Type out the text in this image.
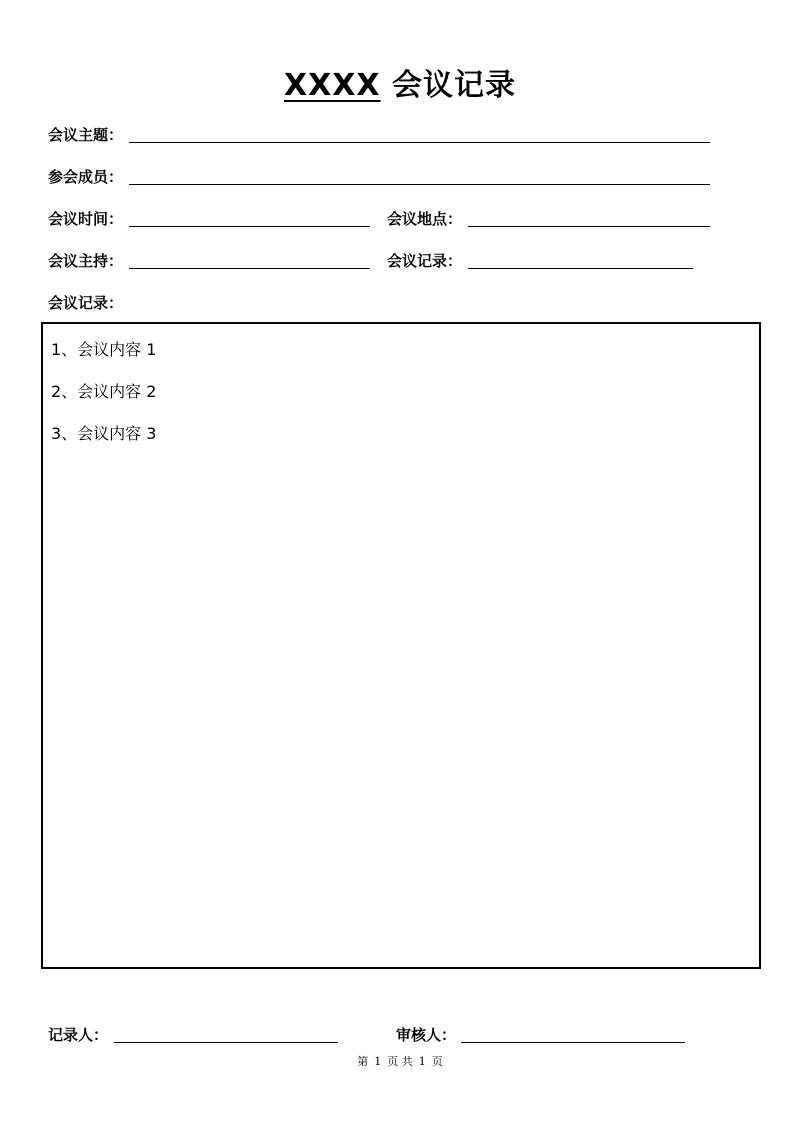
XXXX 会议记录
会议主题：
参会成员：
会议时间：	会议地点：
会议主持：	会议记录：
会议记录：
1、会议内容 1
2、会议内容 2
3、会议内容 3
记录人：	审核人：
第 1 页 共 1 页
